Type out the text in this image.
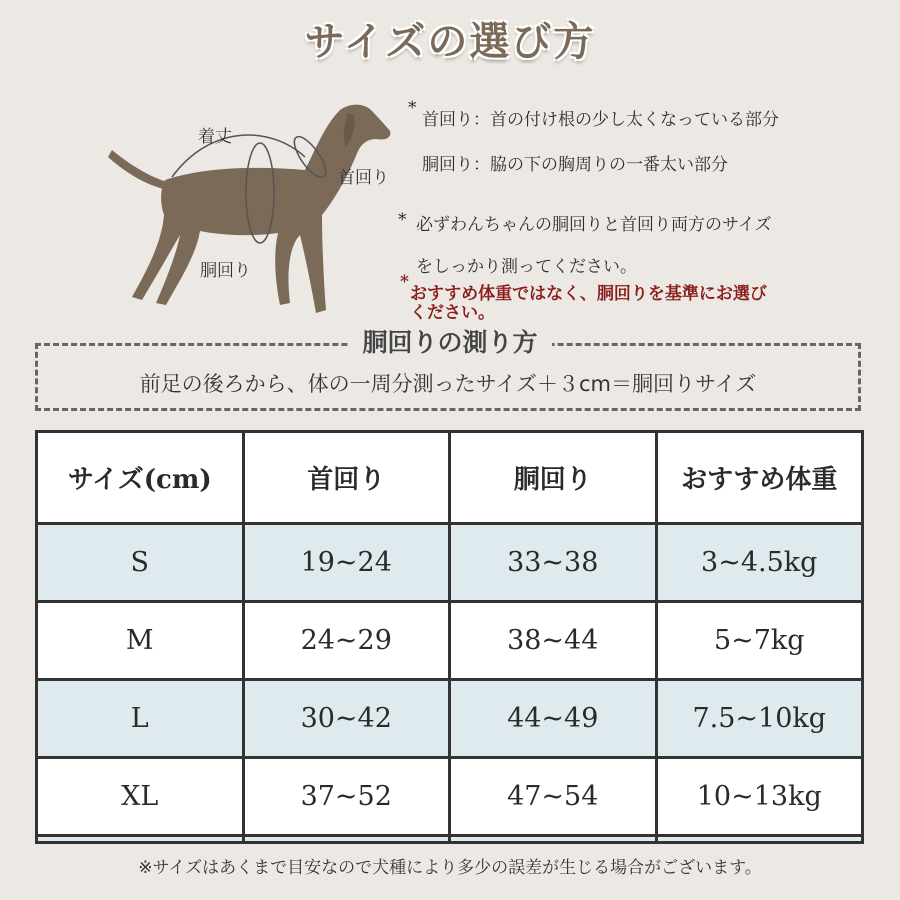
サイズの選び方
着丈
首回り
胴回り
*
首回り：首の付け根の少し太くなっている部分
胴回り：脇の下の胸周りの一番太い部分
* 必ずわんちゃんの胴回りと首回り両方のサイズ
をしっかり測ってください。
*
おすすめ体重ではなく、胴回りを基準にお選び
ください。
胴回りの測り方
前足の後ろから、体の一周分測ったサイズ＋３cm＝胴回りサイズ
サイズ(cm)	首回り	胴回り	おすすめ体重
S	19~24	33~38	3~4.5kg
M	24~29	38~44	5~7kg
L	30~42	44~49	7.5~10kg
XL	37~52	47~54	10~13kg

※サイズはあくまで目安なので犬種により多少の誤差が生じる場合がございます。
